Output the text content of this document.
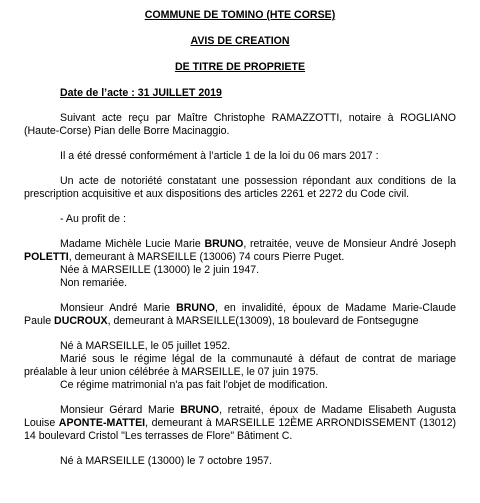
COMMUNE DE TOMINO (HTE CORSE)
AVIS DE CREATION
DE TITRE DE PROPRIETE
Date de l’acte : 31 JUILLET 2019

Suivant acte reçu par Maître Christophe RAMAZZOTTI, notaire à ROGLIANO (Haute-Corse) Pian delle Borre Macinaggio.

Il a été dressé conformément à l’article 1 de la loi du 06 mars 2017 :

Un acte de notoriété constatant une possession répondant aux conditions de la prescription acquisitive et aux dispositions des articles 2261 et 2272 du Code civil.

- Au profit de :

Madame Michèle Lucie Marie BRUNO, retraitée, veuve de Monsieur André Joseph POLETTI, demeurant à MARSEILLE (13006) 74 cours Pierre Puget.

Née à MARSEILLE (13000) le 2 juin 1947.

Non remariée.

Monsieur André Marie BRUNO, en invalidité, époux de Madame Marie-Claude Paule DUCROUX, demeurant à MARSEILLE(13009), 18 boulevard de Fontsegugne

Né à MARSEILLE, le 05 juillet 1952.

Marié sous le régime légal de la communauté à défaut de contrat de mariage préalable à leur union célébrée à MARSEILLE, le 07 juin 1975.

Ce régime matrimonial n'a pas fait l'objet de modification.

Monsieur Gérard Marie BRUNO, retraité, époux de Madame Elisabeth Augusta Louise APONTE-MATTEI, demeurant à MARSEILLE 12ÈME ARRONDISSEMENT (13012) 14 boulevard Cristol "Les terrasses de Flore" Bâtiment C.

Né à MARSEILLE (13000) le 7 octobre 1957.
